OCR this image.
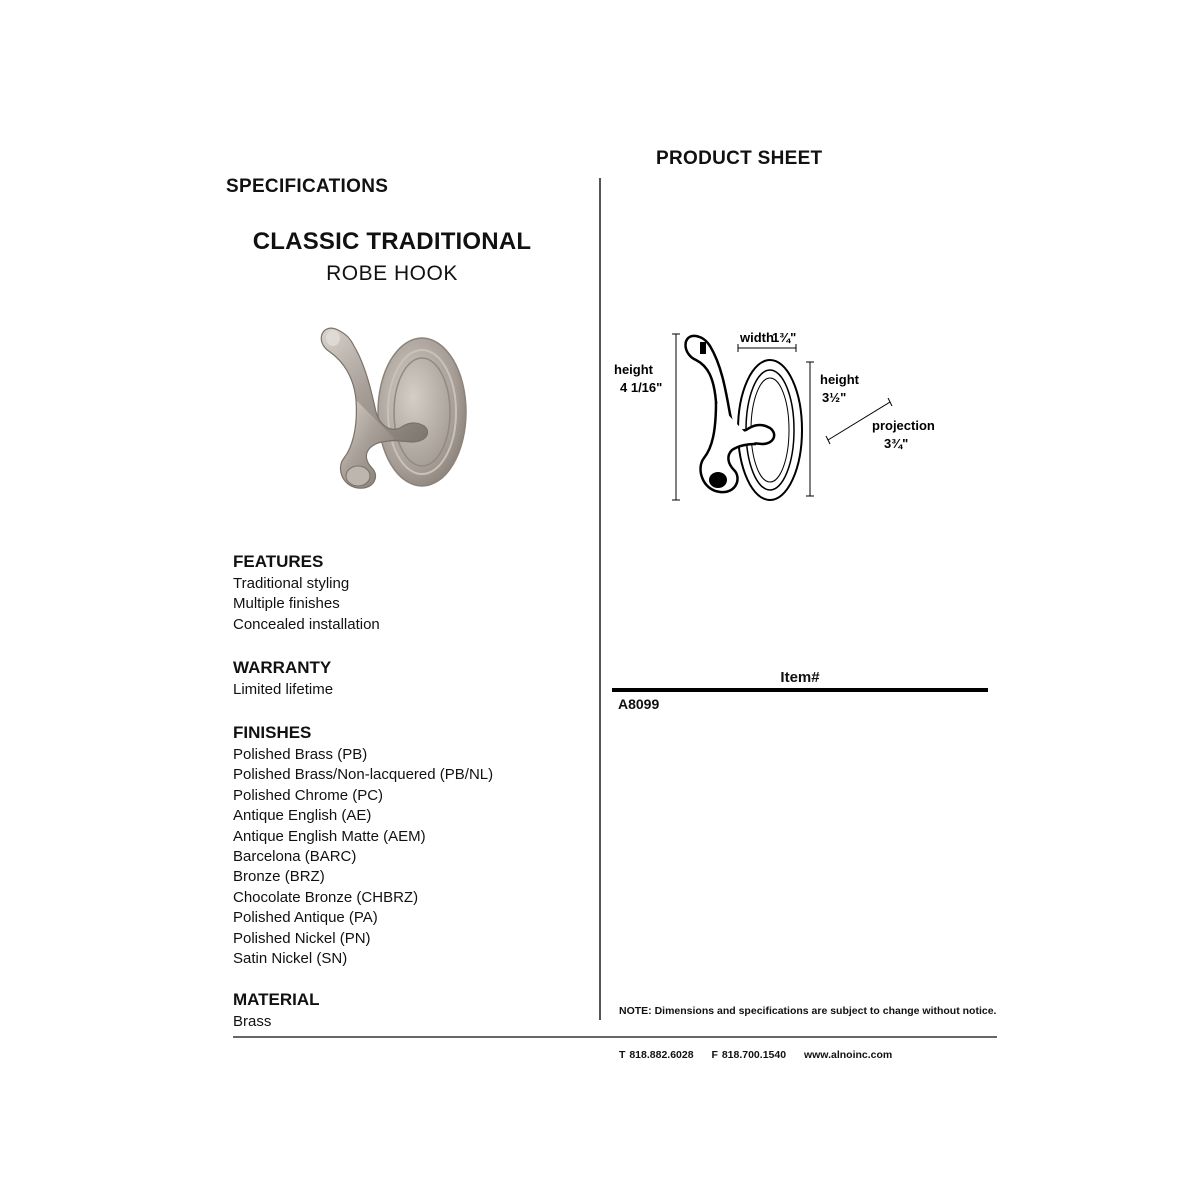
SPECIFICATIONS
PRODUCT SHEET
CLASSIC TRADITIONAL
ROBE HOOK
FEATURES
Traditional styling
Multiple finishes
Concealed installation
WARRANTY
Limited lifetime
FINISHES
Polished Brass (PB)
Polished Brass/Non-lacquered (PB/NL)
Polished Chrome (PC)
Antique English (AE)
Antique English Matte (AEM)
Barcelona (BARC)
Bronze (BRZ)
Chocolate Bronze (CHBRZ)
Polished Antique (PA)
Polished Nickel (PN)
Satin Nickel (SN)
MATERIAL
Brass
height
4 1/16"
width
1¾"
height
3½"
projection
3¾"
Item#
A8099
NOTE: Dimensions and specifications are subject to change without notice.
T 818.882.6028 F 818.700.1540 www.alnoinc.com
